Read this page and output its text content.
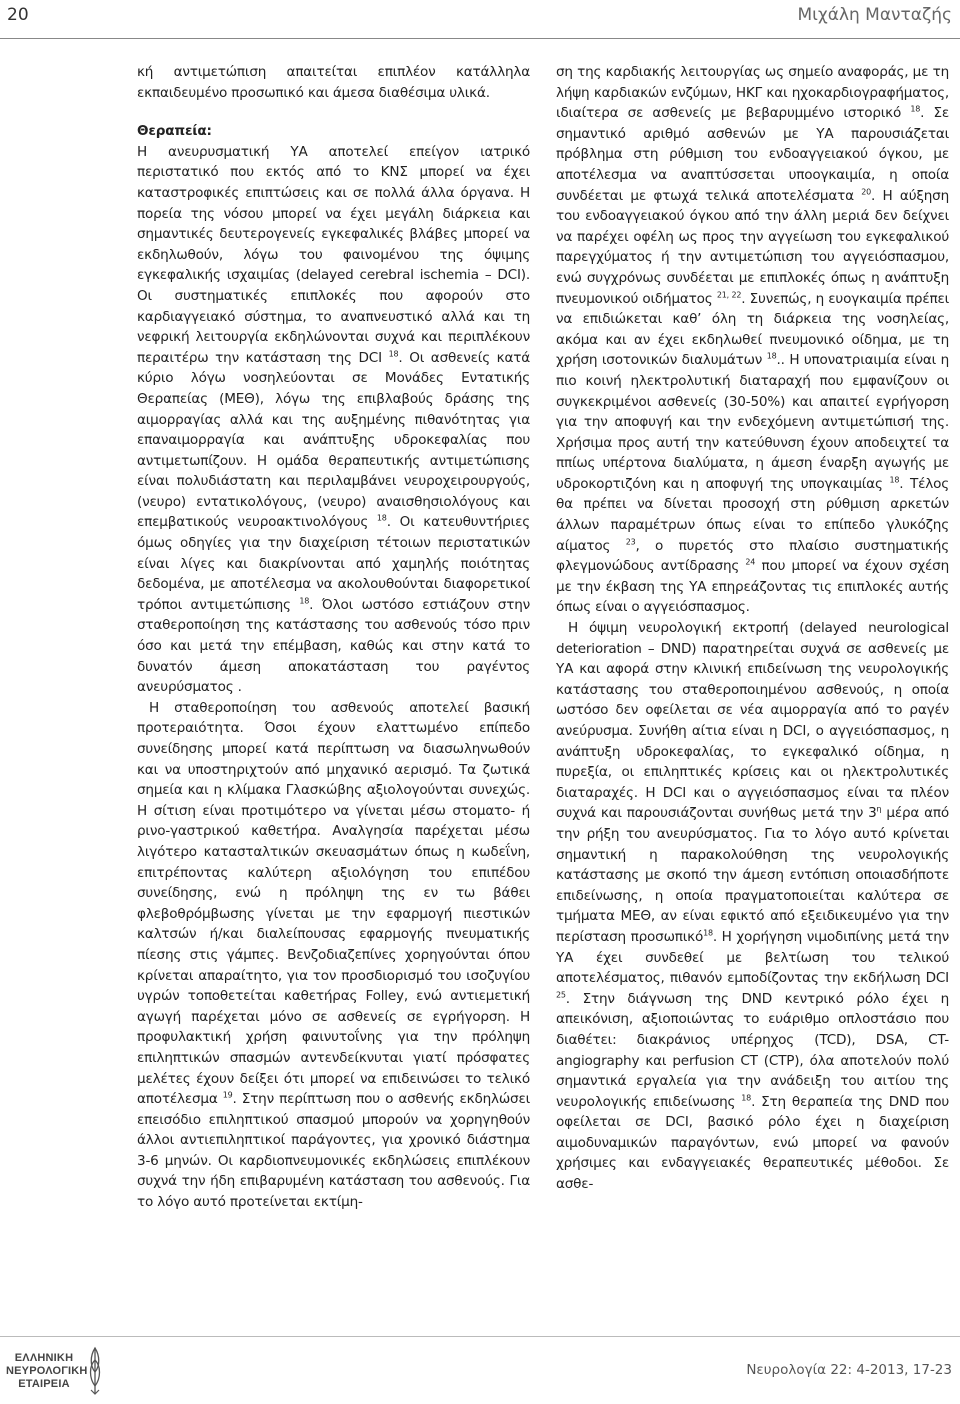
20	Μιχάλη Μανταζής

κή αντιμετώπιση απαιτείται επιπλέον κατάλληλα εκπαιδευμένο προσωπικό και άμεσα διαθέσιμα υλικά.

Θεραπεία:

Η ανευρυσματική ΥΑ αποτελεί επείγον ιατρικό περιστατικό που εκτός από το ΚΝΣ μπορεί να έχει καταστροφικές επιπτώσεις και σε πολλά άλλα όργανα. Η πορεία της νόσου μπορεί να έχει μεγάλη διάρκεια και σημαντικές δευτερογενείς εγκεφαλικές βλάβες μπορεί να εκδηλωθούν, λόγω του φαινομένου της όψιμης εγκεφαλικής ισχαιμίας (delayed cerebral ischemia – DCI). Οι συστηματικές επιπλοκές που αφορούν στο καρδιαγγειακό σύστημα, το αναπνευστικό αλλά και τη νεφρική λειτουργία εκδηλώνονται συχνά και περιπλέκουν περαιτέρω την κατάσταση της DCI $^{18}$. Οι ασθενείς κατά κύριο λόγω νοσηλεύονται σε Μονάδες Εντατικής Θεραπείας (ΜΕΘ), λόγω της επιβλαβούς δράσης της αιμορραγίας αλλά και της αυξημένης πιθανότητας για επαναιμορραγία και ανάπτυξης υδροκεφαλίας που αντιμετωπίζουν. Η ομάδα θεραπευτικής αντιμετώπισης είναι πολυδιάστατη και περιλαμβάνει νευροχειρουργούς, (νευρο) εντατικολόγους, (νευρο) αναισθησιολόγους και επεμβατικούς νευροακτινολόγους $^{18}$. Οι κατευθυντήριες όμως οδηγίες για την διαχείριση τέτοιων περιστατικών είναι λίγες και διακρίνονται από χαμηλής ποιότητας δεδομένα, με αποτέλεσμα να ακολουθούνται διαφορετικοί τρόποι αντιμετώπισης $^{18}$. Όλοι ωστόσο εστιάζουν στην σταθεροποίηση της κατάστασης του ασθενούς τόσο πριν όσο και μετά την επέμβαση, καθώς και στην κατά το δυνατόν άμεση αποκατάσταση του ραγέντος ανευρύσματος .

Η σταθεροποίηση του ασθενούς αποτελεί βασική προτεραιότητα. Όσοι έχουν ελαττωμένο επίπεδο συνείδησης μπορεί κατά περίπτωση να διασωληνωθούν και να υποστηριχτούν από μηχανικό αερισμό. Τα ζωτικά σημεία και η κλίμακα Γλασκώβης αξιολογούνται συνεχώς. Η σίτιση είναι προτιμότερο να γίνεται μέσω στοματο- ή ρινο-γαστρικού καθετήρα. Αναλγησία παρέχεται μέσω λιγότερο κατασταλτικών σκευασμάτων όπως η κωδεΐνη, επιτρέποντας καλύτερη αξιολόγηση του επιπέδου συνείδησης, ενώ η πρόληψη της εν τω βάθει φλεβοθρόμβωσης γίνεται με την εφαρμογή πιεστικών καλτσών ή/και διαλείπουσας εφαρμογής πνευματικής πίεσης στις γάμπες. Βενζοδιαζεπίνες χορηγούνται όπου κρίνεται απαραίτητο, για τον προσδιορισμό του ισοζυγίου υγρών τοποθετείται καθετήρας Folley, ενώ αντιεμετική αγωγή παρέχεται μόνο σε ασθενείς σε εγρήγορση. Η προφυλακτική χρήση φαινυτοΐνης για την πρόληψη επιληπτικών σπασμών αντενδείκνυται γιατί πρόσφατες μελέτες έχουν δείξει ότι μπορεί να επιδεινώσει το τελικό αποτέλεσμα $^{19}$. Στην περίπτωση που ο ασθενής εκδηλώσει επεισόδιο επιληπτικού σπασμού μπορούν να χορηγηθούν άλλοι αντιεπιληπτικοί παράγοντες, για χρονικό διάστημα 3-6 μηνών. Οι καρδιοπνευμονικές εκδηλώσεις επιπλέκουν συχνά την ήδη επιβαρυμένη κατάσταση του ασθενούς. Για το λόγο αυτό προτείνεται εκτίμη-

ση της καρδιακής λειτουργίας ως σημείο αναφοράς, με τη λήψη καρδιακών ενζύμων, ΗΚΓ και ηχοκαρδιογραφήματος, ιδιαίτερα σε ασθενείς με βεβαρυμμένο ιστορικό $^{18}$. Σε σημαντικό αριθμό ασθενών με ΥΑ παρουσιάζεται πρόβλημα στη ρύθμιση του ενδοαγγειακού όγκου, με αποτέλεσμα να αναπτύσσεται υποογκαιμία, η οποία συνδέεται με φτωχά τελικά αποτελέσματα $^{20}$. Η αύξηση του ενδοαγγειακού όγκου από την άλλη μεριά δεν δείχνει να παρέχει οφέλη ως προς την αγγείωση του εγκεφαλικού παρεγχύματος ή την αντιμετώπιση του αγγειόσπασμου, ενώ συγχρόνως συνδέεται με επιπλοκές όπως η ανάπτυξη πνευμονικού οιδήματος $^{21, 22}$. Συνεπώς, η ευογκαιμία πρέπει να επιδιώκεται καθ’ όλη τη διάρκεια της νοσηλείας, ακόμα και αν έχει εκδηλωθεί πνευμονικό οίδημα, με τη χρήση ισοτονικών διαλυμάτων $^{18}$.. Η υπονατριαιμία είναι η πιο κοινή ηλεκτρολυτική διαταραχή που εμφανίζουν οι συγκεκριμένοι ασθενείς (30-50%) και απαιτεί εγρήγορση για την αποφυγή και την ενδεχόμενη αντιμετώπισή της. Χρήσιμα προς αυτή την κατεύθυνση έχουν αποδειχτεί τα ππίως υπέρτονα διαλύματα, η άμεση έναρξη αγωγής με υδροκορτιζόνη και η αποφυγή της υπογκαιμίας $^{18}$. Τέλος θα πρέπει να δίνεται προσοχή στη ρύθμιση αρκετών άλλων παραμέτρων όπως είναι το επίπεδο γλυκόζης αίματος $^{23}$, ο πυρετός στο πλαίσιο συστηματικής φλεγμονώδους αντίδρασης $^{24}$ που μπορεί να έχουν σχέση με την έκβαση της ΥΑ επηρεάζοντας τις επιπλοκές αυτής όπως είναι ο αγγειόσπασμος.

Η όψιμη νευρολογική εκτροπή (delayed neurological deterioration – DND) παρατηρείται συχνά σε ασθενείς με ΥΑ και αφορά στην κλινική επιδείνωση της νευρολογικής κατάστασης του σταθεροποιημένου ασθενούς, η οποία ωστόσο δεν οφείλεται σε νέα αιμορραγία από το ραγέν ανεύρυσμα. Συνήθη αίτια είναι η DCI, ο αγγειόσπασμος, η ανάπτυξη υδροκεφαλίας, το εγκεφαλικό οίδημα, η πυρεξία, οι επιληπτικές κρίσεις και οι ηλεκτρολυτικές διαταραχές. Η DCI και ο αγγειόσπασμος είναι τα πλέον συχνά και παρουσιάζονται συνήθως μετά την $3^\eta$ μέρα από την ρήξη του ανευρύσματος. Για το λόγο αυτό κρίνεται σημαντική η παρακολούθηση της νευρολογικής κατάστασης με σκοπό την άμεση εντόπιση οποιασδήποτε επιδείνωσης, η οποία πραγματοποιείται καλύτερα σε τμήματα ΜΕΘ, αν είναι εφικτό από εξειδικευμένο για την περίσταση προσωπικό$^{18}$. Η χορήγηση νιμοδιπίνης μετά την ΥΑ έχει συνδεθεί με βελτίωση του τελικού αποτελέσματος, πιθανόν εμποδίζοντας την εκδήλωση DCI $^{25}$. Στην διάγνωση της DND κεντρικό ρόλο έχει η απεικόνιση, αξιοποιώντας το ευάριθμο οπλοστάσιο που διαθέτει: διακράνιος υπέρηχος (TCD), DSA, CT-angiography και perfusion CT (CTP), όλα αποτελούν πολύ σημαντικά εργαλεία για την ανάδειξη του αιτίου της νευρολογικής επιδείνωσης $^{18}$. Στη θεραπεία της DND που οφείλεται σε DCI, βασικό ρόλο έχει η διαχείριση αιμοδυναμικών παραγόντων, ενώ μπορεί να φανούν χρήσιμες και ενδαγγειακές θεραπευτικές μέθοδοι. Σε ασθε-

ΕΛΛΗΝΙΚΗ
ΝΕΥΡΟΛΟΓΙΚΗ
ΕΤΑΙΡΕΙΑ
Νευρολογία 22: 4-2013, 17-23
